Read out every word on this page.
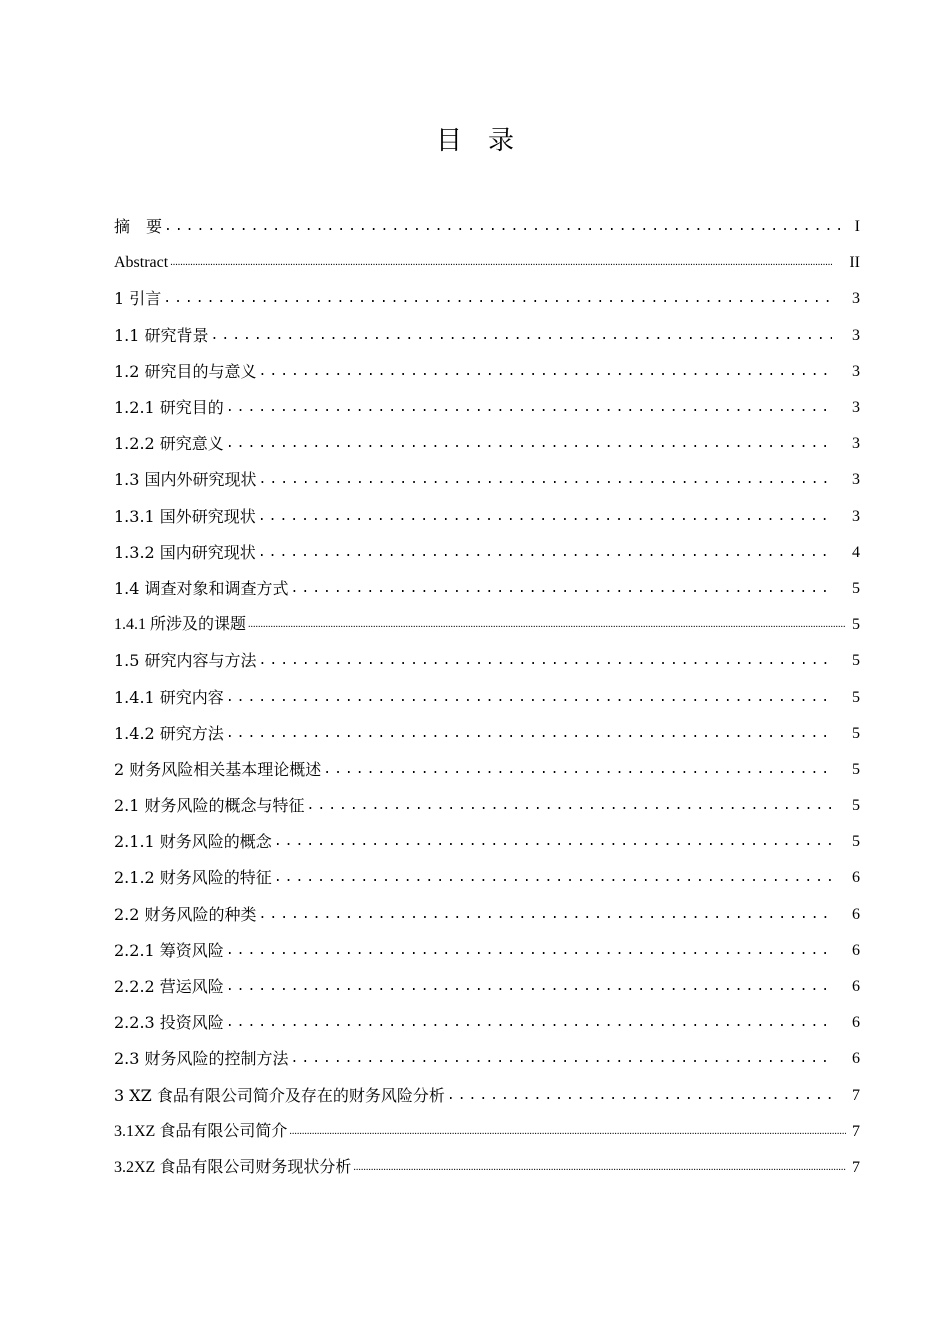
目　录
摘　要 .....	I
Abstract .....	II
1 引言 .....	3
1.1 研究背景 .....	3
1.2 研究目的与意义 .....	3
1.2.1 研究目的 .....	3
1.2.2 研究意义 .....	3
1.3 国内外研究现状 .....	3
1.3.1 国外研究现状 .....	3
1.3.2 国内研究现状 .....	4
1.4 调查对象和调查方式 .....	5
1.4.1 所涉及的课题 .....	5
1.5 研究内容与方法 .....	5
1.4.1 研究内容 .....	5
1.4.2 研究方法 .....	5
2 财务风险相关基本理论概述 .....	5
2.1 财务风险的概念与特征 .....	5
2.1.1 财务风险的概念 .....	5
2.1.2 财务风险的特征 .....	6
2.2 财务风险的种类 .....	6
2.2.1 筹资风险 .....	6
2.2.2 营运风险 .....	6
2.2.3 投资风险 .....	6
2.3 财务风险的控制方法 .....	6
3 XZ 食品有限公司简介及存在的财务风险分析 .....	7
3.1XZ 食品有限公司简介 .....	7
3.2XZ 食品有限公司财务现状分析 .....	7
